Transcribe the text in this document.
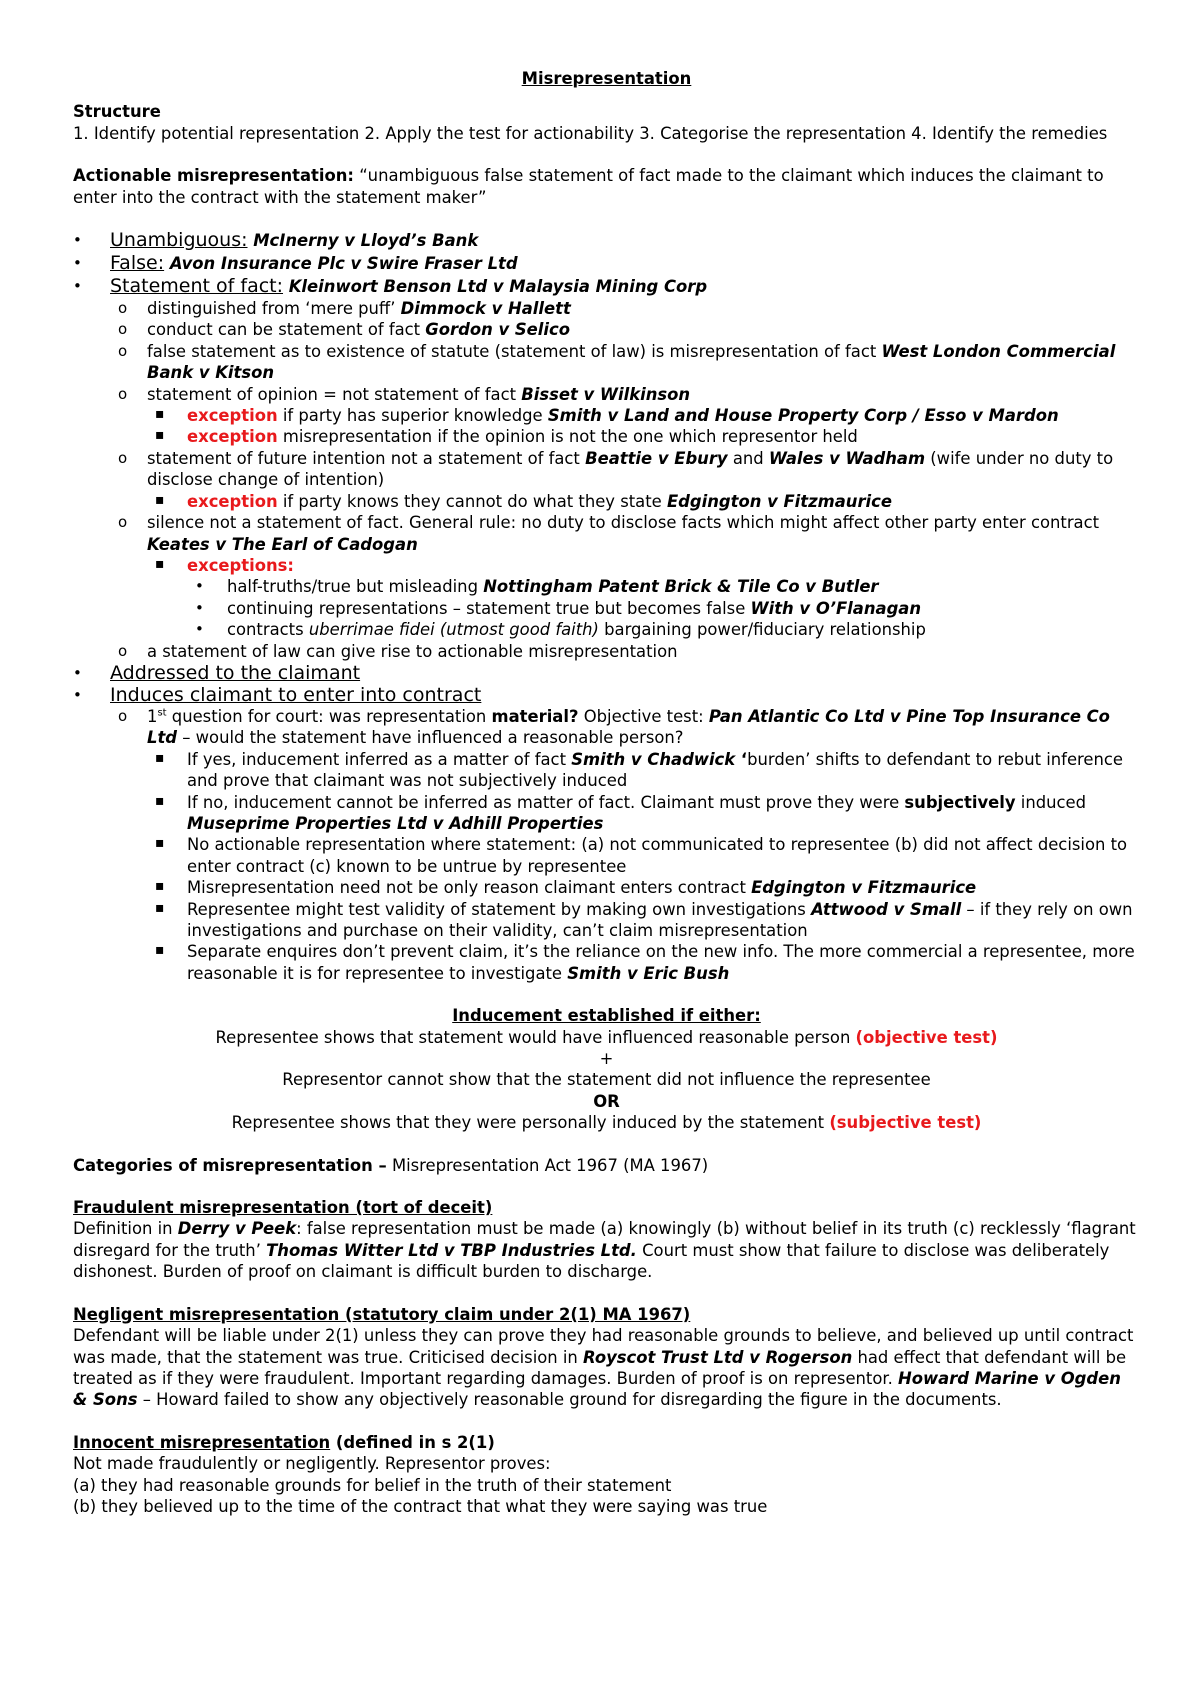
Misrepresentation

Structure

1. Identify potential representation 2. Apply the test for actionability 3. Categorise the representation 4. Identify the remedies

Actionable misrepresentation: “unambiguous false statement of fact made to the claimant which induces the claimant to enter into the contract with the statement maker”

• Unambiguous: McInerny v Lloyd’s Bank
• False: Avon Insurance Plc v Swire Fraser Ltd
• Statement of fact: Kleinwort Benson Ltd v Malaysia Mining Corp
o distinguished from ‘mere puff’ Dimmock v Hallett
o conduct can be statement of fact Gordon v Selico
o false statement as to existence of statute (statement of law) is misrepresentation of fact West London Commercial Bank v Kitson
o statement of opinion = not statement of fact Bisset v Wilkinson
▪ exception if party has superior knowledge Smith v Land and House Property Corp / Esso v Mardon
▪ exception misrepresentation if the opinion is not the one which representor held
o statement of future intention not a statement of fact Beattie v Ebury and Wales v Wadham (wife under no duty to disclose change of intention)
▪ exception if party knows they cannot do what they state Edgington v Fitzmaurice
o silence not a statement of fact. General rule: no duty to disclose facts which might affect other party enter contract Keates v The Earl of Cadogan
▪ exceptions:
• half-truths/true but misleading Nottingham Patent Brick & Tile Co v Butler
• continuing representations – statement true but becomes false With v O’Flanagan
• contracts uberrimae fidei (utmost good faith) bargaining power/fiduciary relationship
o a statement of law can give rise to actionable misrepresentation
• Addressed to the claimant
• Induces claimant to enter into contract
o 1st question for court: was representation material? Objective test: Pan Atlantic Co Ltd v Pine Top Insurance Co Ltd – would the statement have influenced a reasonable person?
▪ If yes, inducement inferred as a matter of fact Smith v Chadwick ‘burden’ shifts to defendant to rebut inference and prove that claimant was not subjectively induced
▪ If no, inducement cannot be inferred as matter of fact. Claimant must prove they were subjectively induced Museprime Properties Ltd v Adhill Properties
▪ No actionable representation where statement: (a) not communicated to representee (b) did not affect decision to enter contract (c) known to be untrue by representee
▪ Misrepresentation need not be only reason claimant enters contract Edgington v Fitzmaurice
▪ Representee might test validity of statement by making own investigations Attwood v Small – if they rely on own investigations and purchase on their validity, can’t claim misrepresentation
▪ Separate enquires don’t prevent claim, it’s the reliance on the new info. The more commercial a representee, more reasonable it is for representee to investigate Smith v Eric Bush

Inducement established if either:

Representee shows that statement would have influenced reasonable person (objective test)

+

Representor cannot show that the statement did not influence the representee

OR

Representee shows that they were personally induced by the statement (subjective test)

Categories of misrepresentation – Misrepresentation Act 1967 (MA 1967)

Fraudulent misrepresentation (tort of deceit)

Definition in Derry v Peek: false representation must be made (a) knowingly (b) without belief in its truth (c) recklessly ‘flagrant disregard for the truth’ Thomas Witter Ltd v TBP Industries Ltd. Court must show that failure to disclose was deliberately dishonest. Burden of proof on claimant is difficult burden to discharge.

Negligent misrepresentation (statutory claim under 2(1) MA 1967)

Defendant will be liable under 2(1) unless they can prove they had reasonable grounds to believe, and believed up until contract was made, that the statement was true. Criticised decision in Royscot Trust Ltd v Rogerson had effect that defendant will be treated as if they were fraudulent. Important regarding damages. Burden of proof is on representor. Howard Marine v Ogden & Sons – Howard failed to show any objectively reasonable ground for disregarding the figure in the documents.

Innocent misrepresentation (defined in s 2(1)

Not made fraudulently or negligently. Representor proves:

(a) they had reasonable grounds for belief in the truth of their statement

(b) they believed up to the time of the contract that what they were saying was true
